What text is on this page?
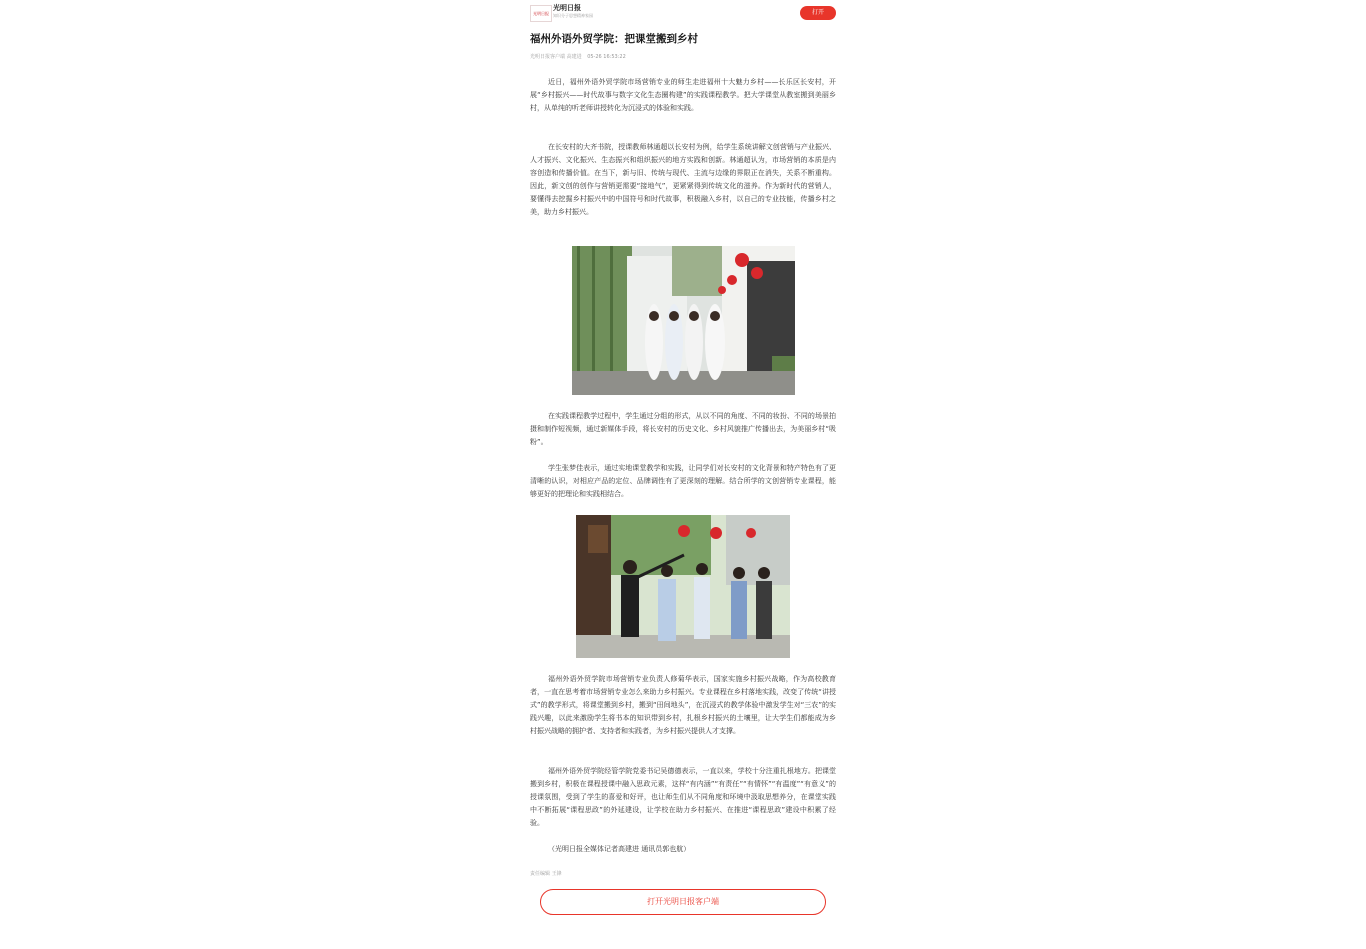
光明日报
光明日报
知识分子思想精神家园	打开
福州外语外贸学院：把课堂搬到乡村
光明日报客户端 高建进 05-26 16:53:22

近日，福州外语外贸学院市场营销专业的师生走进福州十大魅力乡村——长乐区长安村，开展“乡村振兴——时代故事与数字文化生态圈构建”的实践课程教学。把大学课堂从教室搬到美丽乡村，从单纯的听老师讲授转化为沉浸式的体验和实践。

在长安村的大齐书院，授课教师林通超以长安村为例，给学生系统讲解文创营销与产业振兴、人才振兴、文化振兴、生态振兴和组织振兴的地方实践和创新。林通超认为，市场营销的本质是内容创造和传播价值。在当下，新与旧、传统与现代、主流与边缘的界限正在消失，关系不断重构。因此，新文创的创作与营销更需要“接地气”，更紧紧得到传统文化的滋养。作为新时代的营销人，要懂得去挖掘乡村振兴中的中国符号和时代故事，积极融入乡村，以自己的专业技能，传播乡村之美，助力乡村振兴。

在实践课程教学过程中，学生通过分组的形式，从以不同的角度、不同的妆扮、不同的场景拍摄和制作短视频，通过新媒体手段，将长安村的历史文化、乡村风貌推广传播出去，为美丽乡村“吸粉”。

学生张梦佳表示，通过实地课堂教学和实践，让同学们对长安村的文化背景和特产特色有了更清晰的认识，对相应产品的定位、品牌调性有了更深刻的理解。结合所学的文创营销专业课程，能够更好的把理论和实践相结合。

福州外语外贸学院市场营销专业负责人修菊华表示，国家实施乡村振兴战略，作为高校教育者，一直在思考着市场营销专业怎么来助力乡村振兴。专业课程在乡村落地实践，改变了传统“讲授式”的教学形式，将课堂搬到乡村，搬到“田间地头”，在沉浸式的教学体验中激发学生对“三农”的实践兴趣，以此来激励学生将书本的知识带到乡村，扎根乡村振兴的土壤里，让大学生们都能成为乡村振兴战略的拥护者、支持者和实践者，为乡村振兴提供人才支撑。

福州外语外贸学院经管学院党委书记吴德德表示，一直以来，学校十分注重扎根地方。把课堂搬到乡村，积极在课程授课中融入思政元素，这样“有内涵”“有责任”“有情怀”“有温度”“有意义”的授课氛围，受到了学生的喜爱和好评，也让师生们从不同角度和环境中汲取思想养分，在课堂实践中不断拓展“课程思政”的外延建设，让学校在助力乡村振兴、在推进“课程思政”建设中积累了经验。

（光明日报全媒体记者高建进 通讯员郭也航）

责任编辑 王锋
打开光明日报客户端
